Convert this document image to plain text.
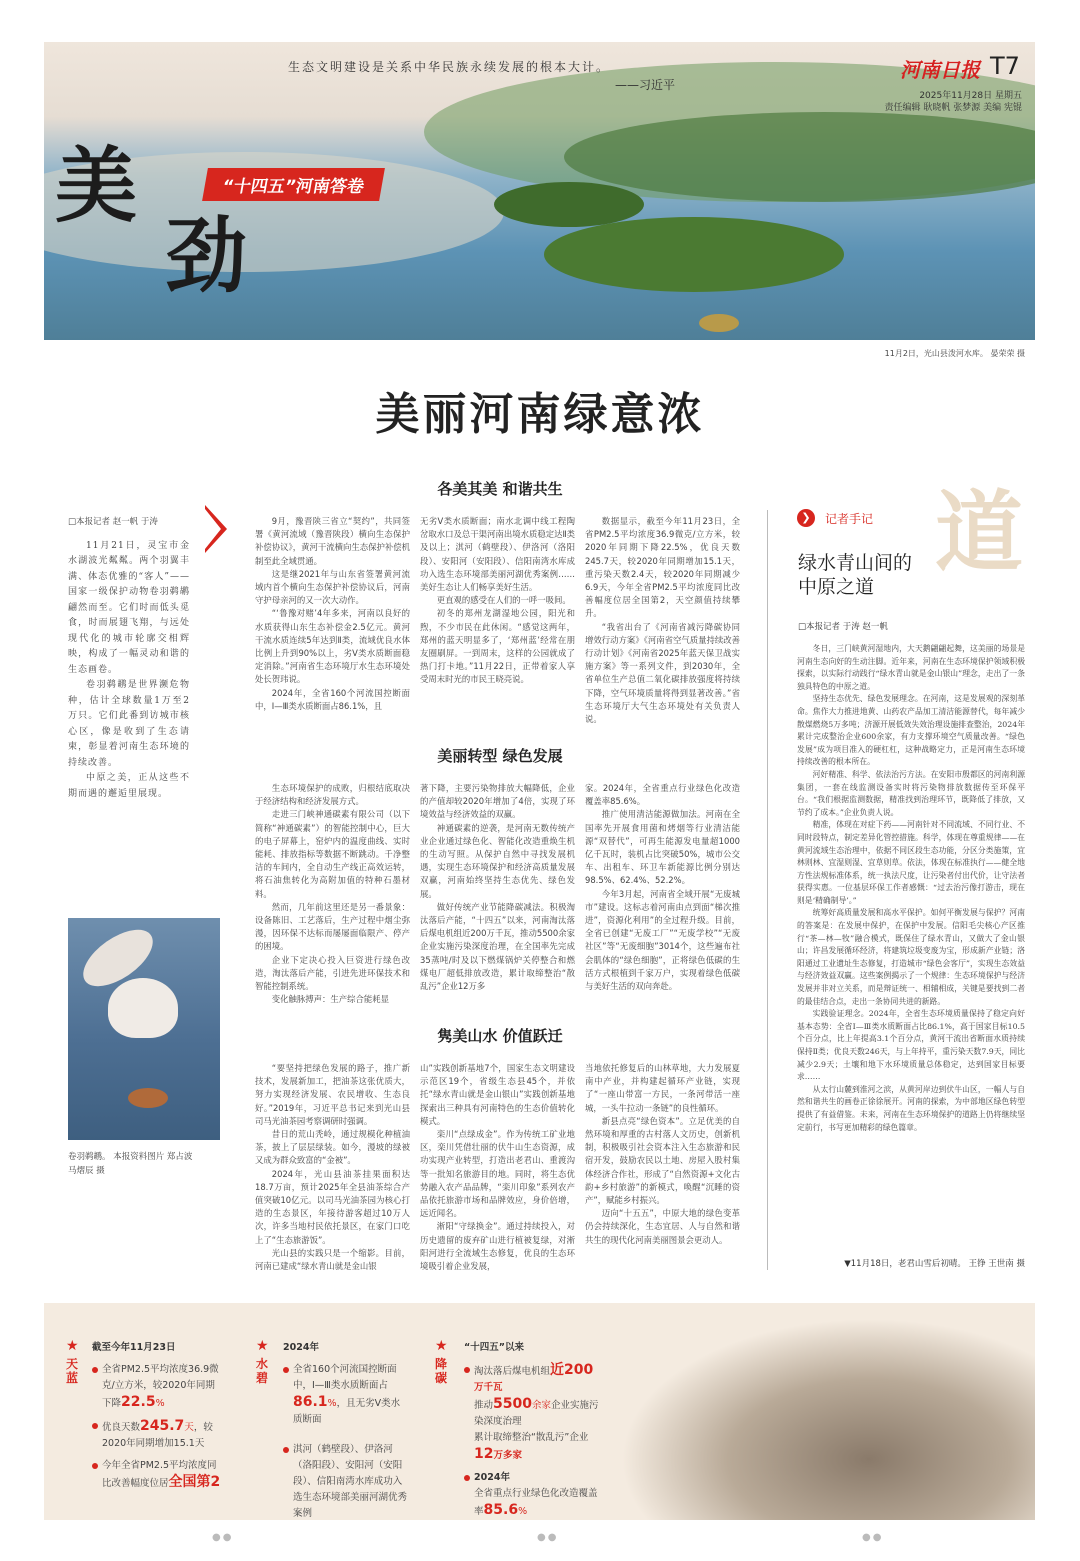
生态文明建设是关系中华民族永续发展的根本大计。
——习近平
河南日报 T7
2025年11月28日 星期五
责任编辑 耿晓帆 张梦源 美编 宪锟
美
劲
“十四五”河南答卷
11月2日，光山县泼河水库。 晏荣荣 摄
美丽河南绿意浓
□本报记者 赵一帆 于涛

11月21日，灵宝市金水湖波光粼粼。两个羽翼丰满、体态优雅的“客人”——国家一级保护动物卷羽鹈鹕翩然而至。它们时而低头觅食，时而展翅飞翔，与远处现代化的城市轮廓交相辉映，构成了一幅灵动和谐的生态画卷。

卷羽鹈鹕是世界濒危物种，估计全球数量1万至2万只。它们此番到访城市核心区，像是收到了生态请柬，彰显着河南生态环境的持续改善。

中原之美，正从这些不期而遇的邂逅里展现。

卷羽鹈鹕。 本报资料图片 郑占波 马熠辰 摄
各美其美 和谐共生

9月，豫晋陕三省立“契约”，共同签署《黄河流域（豫晋陕段）横向生态保护补偿协议》，黄河干流横向生态保护补偿机制至此全域贯通。

这是继2021年与山东省签署黄河流域内首个横向生态保护补偿协议后，河南守护母亲河的又一次大动作。

“‘鲁豫对赌’4年多来，河南以良好的水质获得山东生态补偿金2.5亿元。黄河干流水质连续5年达到Ⅱ类，流域优良水体比例上升到90%以上，劣Ⅴ类水质断面稳定消除。”河南省生态环境厅水生态环境处处长贺玮说。

2024年，全省160个河流国控断面中，Ⅰ—Ⅲ类水质断面占86.1%，且

无劣Ⅴ类水质断面；南水北调中线工程陶岔取水口及总干渠河南出境水质稳定达Ⅱ类及以上；淇河（鹤壁段）、伊洛河（洛阳段）、安阳河（安阳段）、信阳南湾水库成功入选生态环境部美丽河湖优秀案例……美好生态让人们畅享美好生活。

更直观的感受在人们的一呼一吸间。

初冬的郑州龙湖湿地公园，阳光和煦，不少市民在此休闲。“感觉这两年，郑州的蓝天明显多了，‘郑州蓝’经常在朋友圈刷屏。一到周末，这样的公园就成了热门打卡地。”11月22日，正带着家人享受周末时光的市民王晓亮说。

数据显示，截至今年11月23日，全省PM2.5平均浓度36.9微克/立方米，较2020年同期下降22.5%，优良天数245.7天，较2020年同期增加15.1天，重污染天数2.4天，较2020年同期减少6.9天，今年全省PM2.5平均浓度同比改善幅度位居全国第2，天空颜值持续攀升。

“我省出台了《河南省减污降碳协同增效行动方案》《河南省空气质量持续改善行动计划》《河南省2025年蓝天保卫战实施方案》等一系列文件，到2030年，全省单位生产总值二氧化碳排放强度将持续下降，空气环境质量将得到显著改善。”省生态环境厅大气生态环境处有关负责人说。

美丽转型 绿色发展

生态环境保护的成败，归根结底取决于经济结构和经济发展方式。

走进三门峡神通碳素有限公司（以下简称“神通碳素”）的智能控制中心，巨大的电子屏幕上，窑炉内的温度曲线、实时能耗、排放指标等数据不断跳动。千净整洁的车间内，全自动生产线正高效运转，将石油焦转化为高附加值的特种石墨材料。

然而，几年前这里还是另一番景象：设备陈旧、工艺落后，生产过程中烟尘弥漫，因环保不达标而屡屡面临限产、停产的困境。

企业下定决心投入巨资进行绿色改造，淘汰落后产能，引进先进环保技术和智能控制系统。

变化触脉搏声：生产综合能耗显

著下降，主要污染物排放大幅降低，企业的产值却较2020年增加了4倍，实现了环境效益与经济效益的双赢。

神通碳素的逆袭，是河南无数传统产业企业通过绿色化、智能化改造重焕生机的生动写照。从保护自然中寻找发展机遇，实现生态环境保护和经济高质量发展双赢，河南始终坚持生态优先、绿色发展。

做好传统产业节能降碳减法。积极淘汰落后产能，“十四五”以来，河南淘汰落后煤电机组近200万千瓦，推动5500余家企业实施污染深度治理，在全国率先完成35蒸吨/时及以下燃煤锅炉关停整合和燃煤电厂超低排放改造，累计取缔整治“散乱污”企业12万多

家。2024年，全省重点行业绿色化改造覆盖率85.6%。

推广使用清洁能源做加法。河南在全国率先开展食用菌和烤烟等行业清洁能源“双替代”，可再生能源发电量超1000亿千瓦时，装机占比突破50%，城市公交车、出租车、环卫车新能源比例分别达98.5%、62.4%、52.2%。

今年3月起，河南省全域开展“无废城市”建设。这标志着河南由点到面“梯次推进”，资源化利用”的全过程升级。目前，全省已创建“无废工厂”“无废学校”“无废社区”等“无废细胞”3014个，这些遍布社会肌体的“绿色细胞”，正将绿色低碳的生活方式根植到千家万户，实现着绿色低碳与美好生活的双向奔赴。

隽美山水 价值跃迁

“要坚持把绿色发展的路子，推广新技术，发展新加工，把油茶这张优质大，努力实现经济发展、农民增收、生态良好。”2019年，习近平总书记来到光山县司马光油茶园考察调研时强调。

昔日的荒山秃岭，通过规模化种植油茶，披上了层层绿装。如今，漫坡的绿被又成为群众致富的“金被”。

2024年，光山县油茶挂果面积达18.7万亩，预计2025年全县油茶综合产值突破10亿元。以司马光油茶园为核心打造的生态景区，年接待游客超过10万人次，许多当地村民依托景区，在家门口吃上了“生态旅游饭”。

光山县的实践只是一个缩影。目前，河南已建成“绿水青山就是金山银

山”实践创新基地7个，国家生态文明建设示范区19个，省级生态县45个，并依托“绿水青山就是金山银山”实践创新基地探索出三种具有河南特色的生态价值转化模式。

栾川“点绿成金”。作为传统工矿业地区，栾川凭借壮丽的伏牛山生态资源，成功实现产业转型，打造出老君山、重渡沟等一批知名旅游目的地。同时，将生态优势融入农产品品牌，“栾川印象”系列农产品依托旅游市场和品牌效应，身价倍增，远近闻名。

淅阳“守绿换金”。通过持续投入，对历史遗留的废弃矿山进行植被复绿，对淅阳河进行全流域生态修复，优良的生态环境吸引着企业发展，

当地依托修复后的山林草地，大力发展夏南中产业，并构建起循环产业链，实现了“一座山带富一方民，一条河带活一座城，一头牛拉动一条链”的良性循环。

新县点亮“绿色资本”。立足优美的自然环境和厚重的古村落人文历史，创新机制，积极吸引社会资本注入生态旅游和民宿开发，鼓励农民以土地、房屋入股村集体经济合作社，形成了“自然资源+文化古韵+乡村旅游”的新模式，唤醒“沉睡的资产”，赋能乡村振兴。

迈向“十五五”，中原大地的绿色变革仍会持续深化，生态宜居、人与自然和谐共生的现代化河南美丽图景会更动人。

道
❯	记者手记
绿水青山间的中原之道
□本报记者 于涛 赵一帆

冬日，三门峡黄河湿地内，大天鹅翩翩起舞，这美丽的场景是河南生态向好的生动注脚。近年来，河南在生态环境保护领域积极探索，以实际行动践行“绿水青山就是金山银山”理念，走出了一条独具特色的中原之道。

坚持生态优先、绿色发展理念。在河南，这是发展观的深刻革命。焦作大力推进地黄、山药农产品加工清洁能源替代，每年减少散煤燃烧5万多吨；济源开展低效失效治理设施排查整治，2024年累计完成整治企业600余家，有力支撑环境空气质量改善。“绿色发展”成为项目准入的硬杠杠，这种战略定力，正是河南生态环境持续改善的根本所在。

河好精准、科学、依法治污方法。在安阳市殷都区的河南利源集团，一套在线监测设备实时将污染物排放数据传至环保平台。“我们根据监测数据，精准找到治理环节，既降低了排放，又节约了成本。”企业负责人说。

精准，体现在对症下药——河南针对不同流域、不同行业、不同时段特点，制定差异化管控措施。科学，体现在尊重规律——在黄河流域生态治理中，依据不同区段生态功能，分区分类施策，宜林则林、宜湿则湿、宜草则草。依法，体现在标准执行——健全地方性法规标准体系，统一执法尺度，让污染者付出代价，让守法者获得实惠。一位基层环保工作者感慨：“过去治污像打游击，现在则是‘精确制导’。”

统筹好高质量发展和高水平保护。如何平衡发展与保护？河南的答案是：在发展中保护，在保护中发展。信阳毛尖核心产区推行“茶—林—牧”融合模式，既保住了绿水青山，又做大了金山银山；许昌发展循环经济，将建筑垃圾变废为宝，形成新产业链；洛阳通过工业遗址生态修复，打造城市“绿色会客厅”，实现生态效益与经济效益双赢。这些案例揭示了一个规律：生态环境保护与经济发展并非对立关系，而是辩证统一、相辅相成，关键是要找到二者的最佳结合点，走出一条协同共进的新路。

实践验证理念。2024年，全省生态环境质量保持了稳定向好基本态势：全省Ⅰ—Ⅲ类水质断面占比86.1%，高于国家目标10.5个百分点，比上年提高3.1个百分点，黄河干流出省断面水质持续保持Ⅱ类；优良天数246天，与上年持平，重污染天数7.9天，同比减少2.9天；土壤和地下水环境质量总体稳定，达到国家目标要求……

从太行山麓到淮河之滨，从黄河岸边到伏牛山区，一幅人与自然和谐共生的画卷正徐徐展开。河南的探索，为中部地区绿色转型提供了有益借鉴。未来，河南在生态环境保护的道路上仍将继续坚定前行，书写更加精彩的绿色篇章。

▼11月18日，老君山雪后初晴。 王铮 王世南 摄
★
天蓝
截至今年11月23日
全省PM2.5平均浓度36.9微克/立方米，较2020年同期下降22.5%
优良天数245.7天，较2020年同期增加15.1天
今年全省PM2.5平均浓度同比改善幅度位居全国第2
★
水碧
2024年
全省160个河流国控断面中，Ⅰ—Ⅲ类水质断面占86.1%，且无劣Ⅴ类水质断面
淇河（鹤壁段）、伊洛河（洛阳段）、安阳河（安阳段）、信阳南湾水库成功入选生态环境部美丽河湖优秀案例
★
降碳
“十四五”以来
淘汰落后煤电机组近200
万千瓦
推动5500余家企业实施污染深度治理
累计取缔整治“散乱污”企业
12万多家
2024年
全省重点行业绿色化改造覆盖率85.6%
●●	●●	●●
